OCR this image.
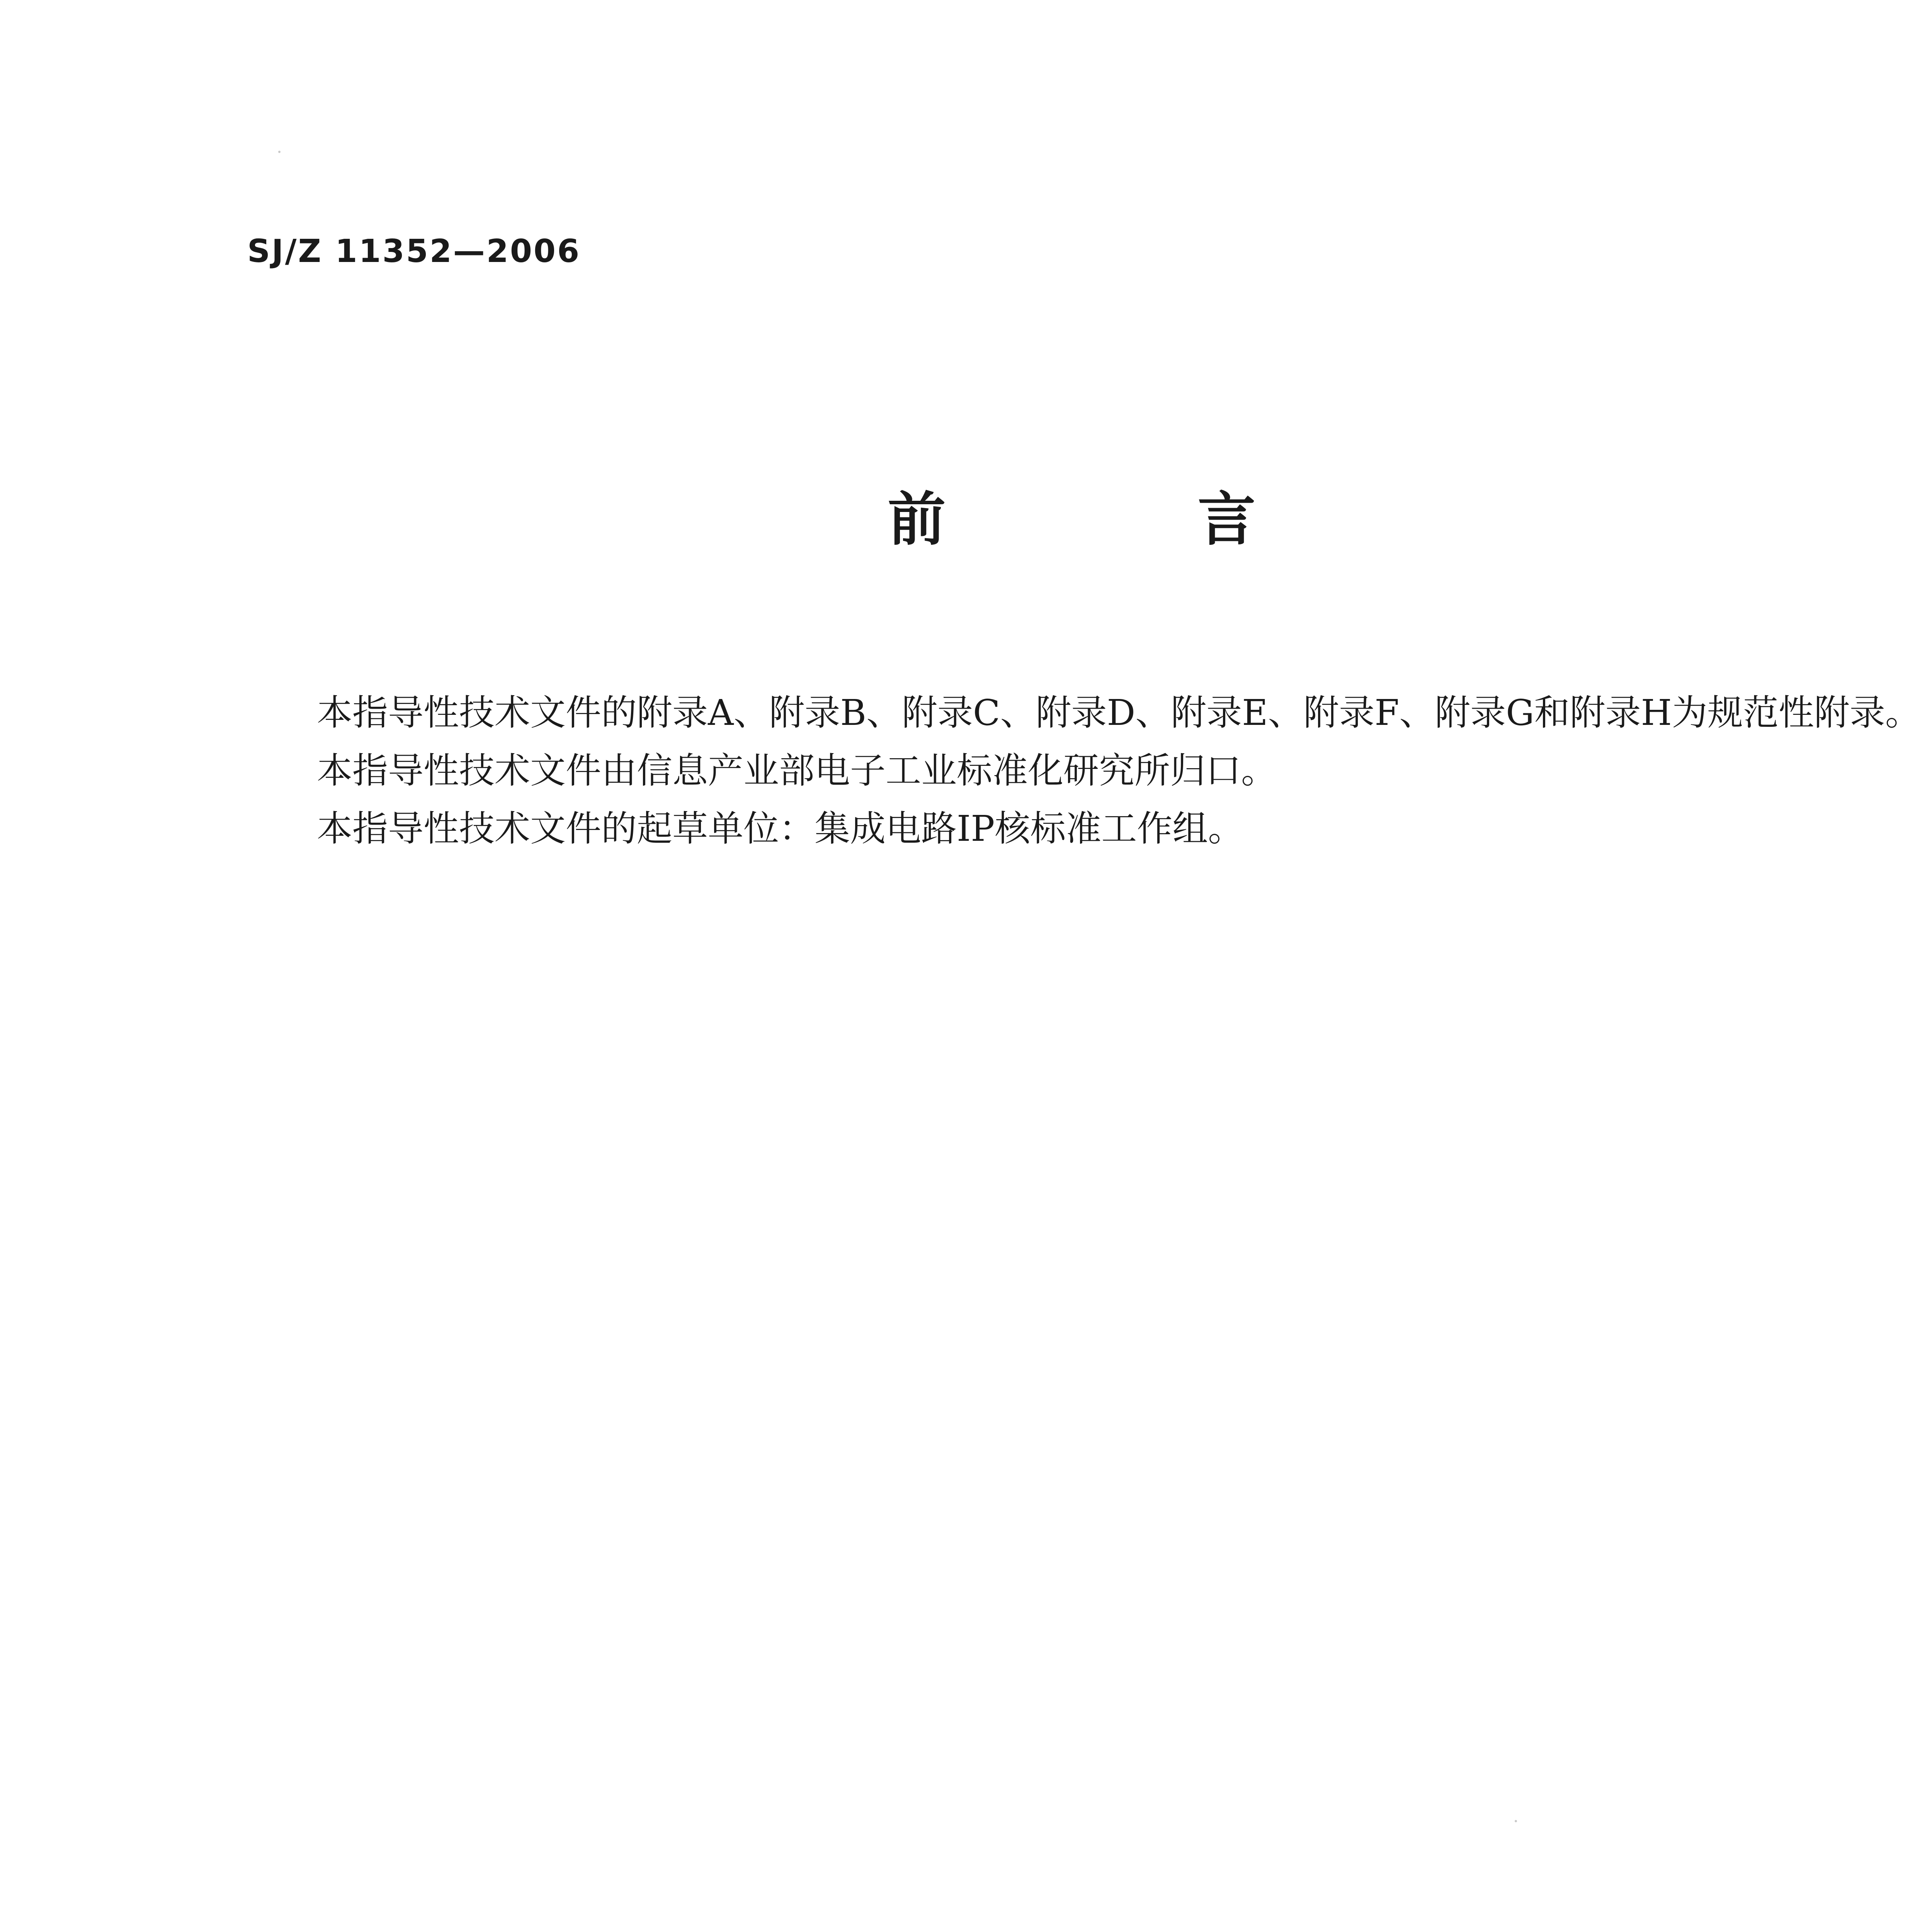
SJ/Z 11352—2006
前 言

本指导性技术文件的附录A、附录B、附录C、附录D、附录E、附录F、附录G和附录H为规范性附录。

本指导性技术文件由信息产业部电子工业标准化研究所归口。

本指导性技术文件的起草单位：集成电路IP核标准工作组。
